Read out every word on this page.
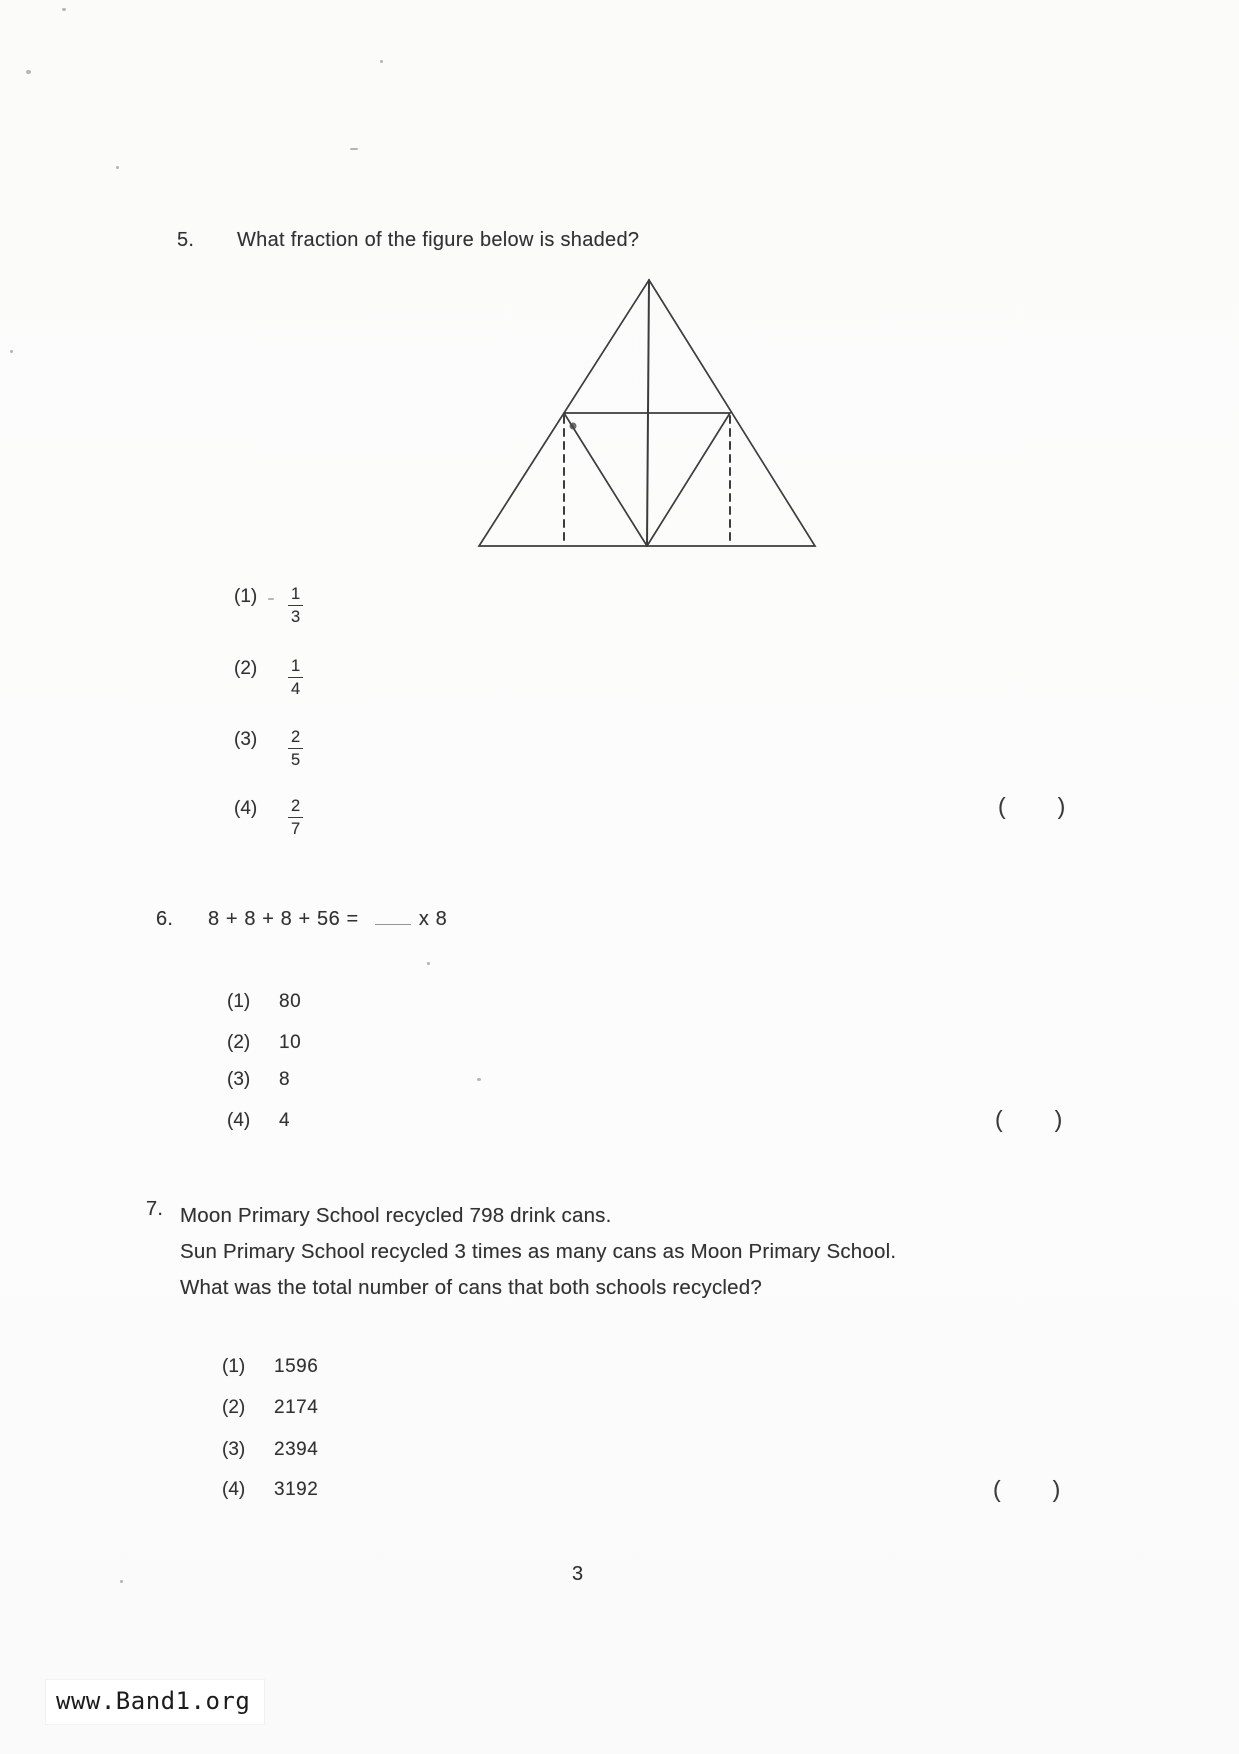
5. What fraction of the figure below is shaded?
(1)	$\frac{1}{3}$
(2)	$\frac{1}{4}$
(3)	$\frac{2}{5}$
(4)	$\frac{2}{7}$	( )
6. 8 + 8 + 8 + 56 =	x 8
(1)	80
(2)	10
(3)	8
(4)	4	( )
7. Moon Primary School recycled 798 drink cans.
Sun Primary School recycled 3 times as many cans as Moon Primary School.
What was the total number of cans that both schools recycled?
(1)	1596
(2)	2174
(3)	2394
(4)	3192	( )
3
www.Band1.org
